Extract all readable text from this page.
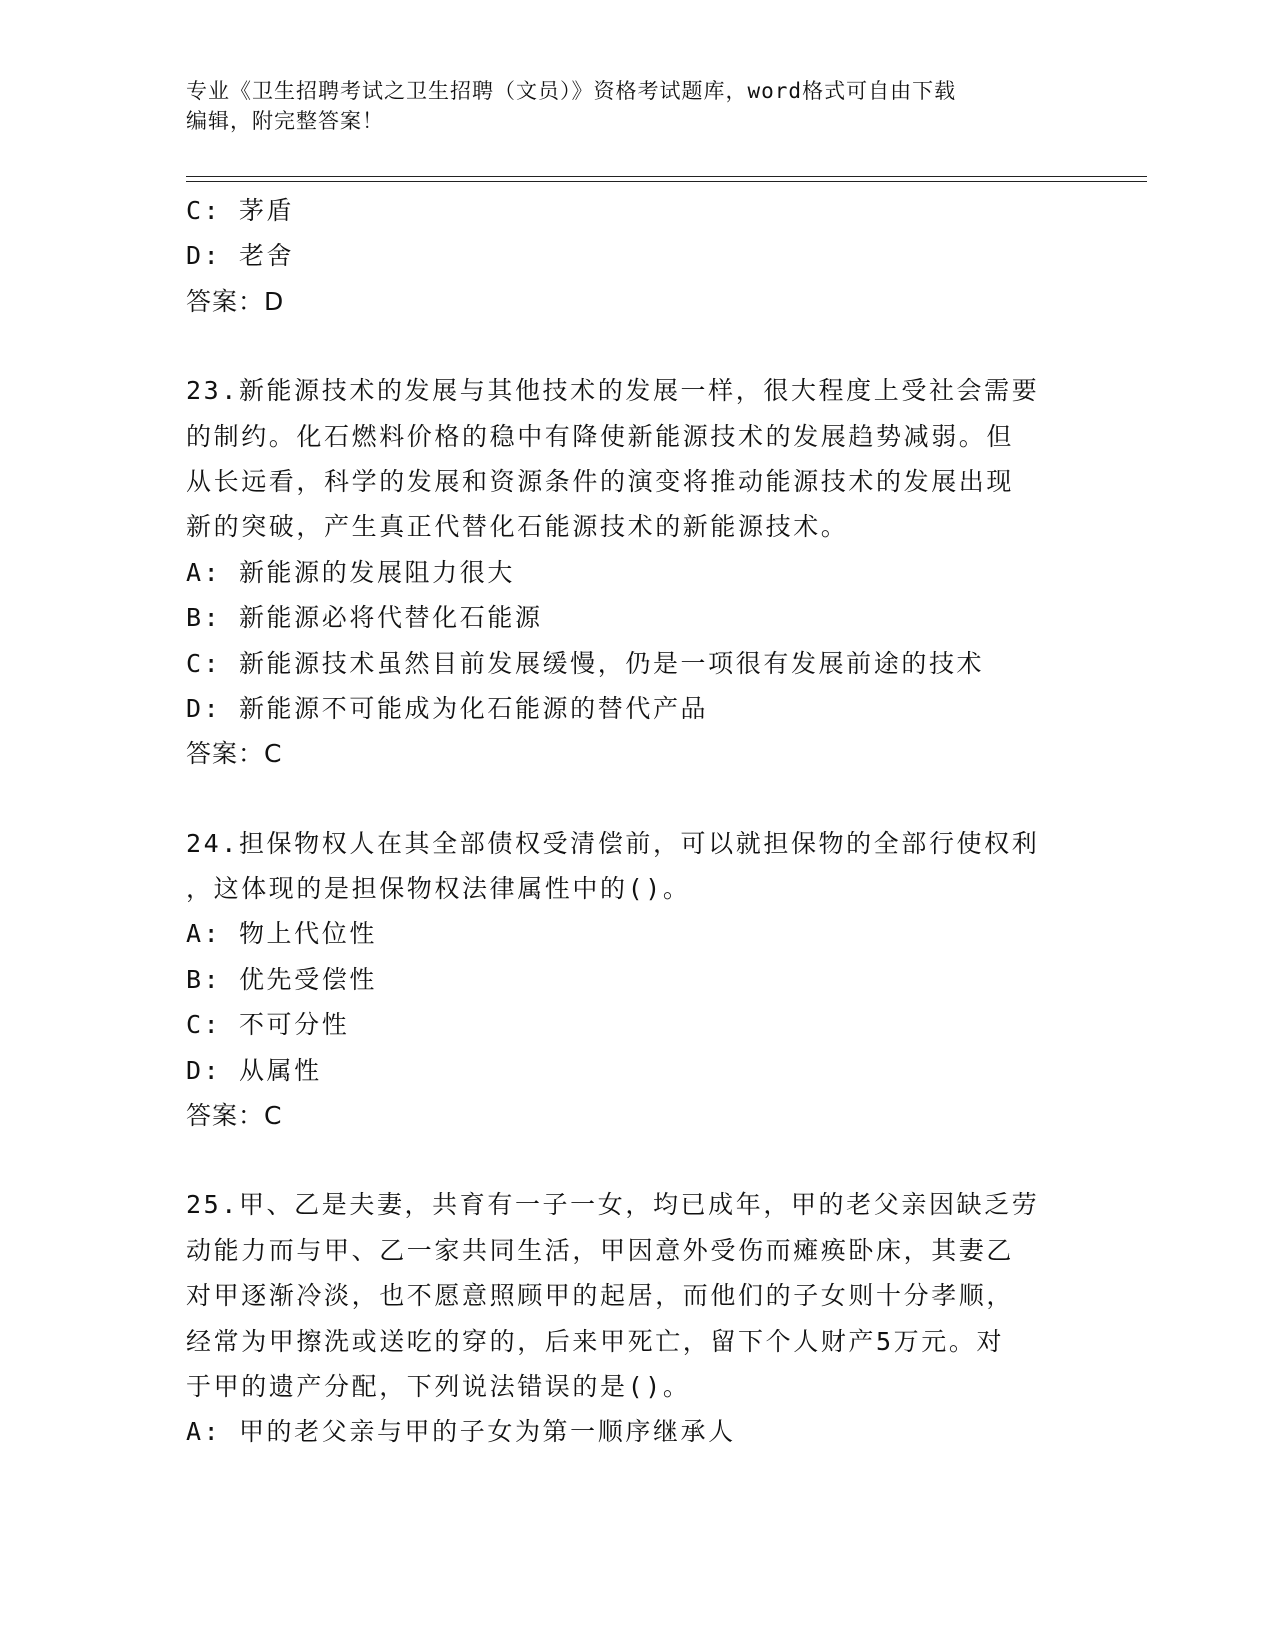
专业《卫生招聘考试之卫生招聘（文员）》资格考试题库，word格式可自由下载
编辑，附完整答案！
C: 茅盾
D: 老舍
答案：D
23.新能源技术的发展与其他技术的发展一样，很大程度上受社会需要
的制约。化石燃料价格的稳中有降使新能源技术的发展趋势减弱。但
从长远看，科学的发展和资源条件的演变将推动能源技术的发展出现
新的突破，产生真正代替化石能源技术的新能源技术。
A: 新能源的发展阻力很大
B: 新能源必将代替化石能源
C: 新能源技术虽然目前发展缓慢，仍是一项很有发展前途的技术
D: 新能源不可能成为化石能源的替代产品
答案：C
24.担保物权人在其全部债权受清偿前，可以就担保物的全部行使权利
，这体现的是担保物权法律属性中的()。
A: 物上代位性
B: 优先受偿性
C: 不可分性
D: 从属性
答案：C
25.甲、乙是夫妻，共育有一子一女，均已成年，甲的老父亲因缺乏劳
动能力而与甲、乙一家共同生活，甲因意外受伤而瘫痪卧床，其妻乙
对甲逐渐冷淡，也不愿意照顾甲的起居，而他们的子女则十分孝顺，
经常为甲擦洗或送吃的穿的，后来甲死亡，留下个人财产5万元。对
于甲的遗产分配，下列说法错误的是()。
A: 甲的老父亲与甲的子女为第一顺序继承人
